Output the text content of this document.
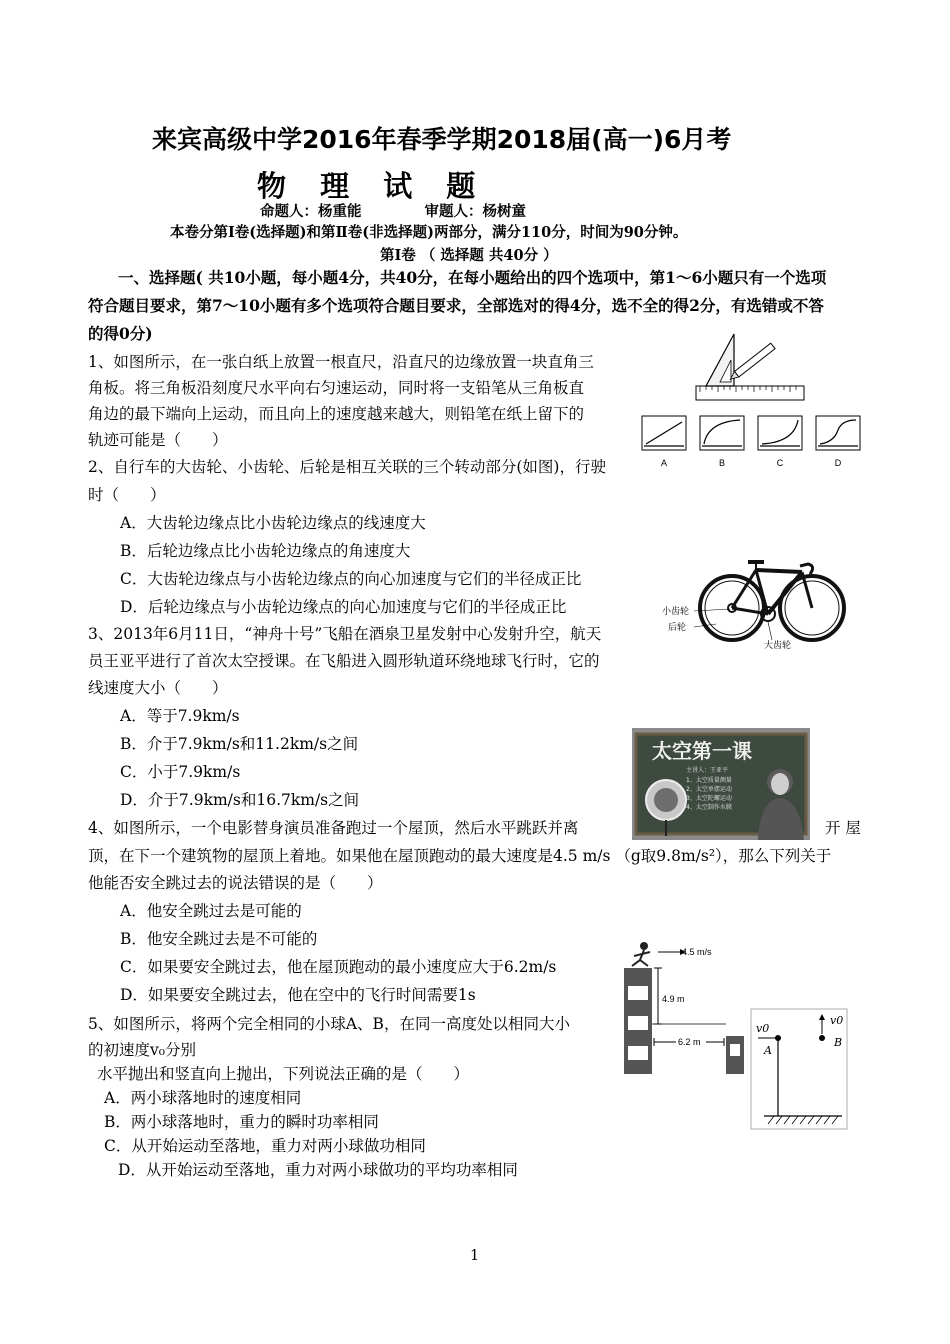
来宾高级中学2016年春季学期2018届(高一)6月考
物 理 试 题
命题人：杨重能 　　　　审题人：杨树童
本卷分第Ⅰ卷(选择题)和第Ⅱ卷(非选择题)两部分，满分110分，时间为90分钟。
第Ⅰ卷 （ 选择题 共40分 ）
一、选择题( 共10小题，每小题4分，共40分，在每小题给出的四个选项中，第1～6小题只有一个选项
符合题目要求，第7～10小题有多个选项符合题目要求，全部选对的得4分，选不全的得2分，有选错或不答
的得0分)
1、如图所示，在一张白纸上放置一根直尺，沿直尺的边缘放置一块直角三
角板。将三角板沿刻度尺水平向右匀速运动，同时将一支铅笔从三角板直
角边的最下端向上运动，而且向上的速度越来越大，则铅笔在纸上留下的
轨迹可能是（　　）
A	B	C	D
2、自行车的大齿轮、小齿轮、后轮是相互关联的三个转动部分(如图)，行驶
时（　　）
A．大齿轮边缘点比小齿轮边缘点的线速度大
B．后轮边缘点比小齿轮边缘点的角速度大
C．大齿轮边缘点与小齿轮边缘点的向心加速度与它们的半径成正比
D．后轮边缘点与小齿轮边缘点的向心加速度与它们的半径成正比	小齿轮
后轮
大齿轮
3、2013年6月11日，“神舟十号”飞船在酒泉卫星发射中心发射升空，航天
员王亚平进行了首次太空授课。在飞船进入圆形轨道环绕地球飞行时，它的
线速度大小（　　）
A．等于7.9km/s
B．介于7.9km/s和11.2km/s之间
C．小于7.9km/s
D．介于7.9km/s和16.7km/s之间
太空第一课
主讲人：王亚平
1、太空质量测量
2、太空单摆运动
3、太空陀螺运动
4、太空制作水膜
4、如图所示，一个电影替身演员准备跑过一个屋顶，然后水平跳跃并离	开 屋
顶，在下一个建筑物的屋顶上着地。如果他在屋顶跑动的最大速度是4.5 m/s （g取9.8m/s²），那么下列关于
他能否安全跳过去的说法错误的是（　　）
A．他安全跳过去是可能的
B．他安全跳过去是不可能的
C．如果要安全跳过去，他在屋顶跑动的最小速度应大于6.2m/s
D．如果要安全跳过去，他在空中的飞行时间需要1s
4.5 m/s
4.9 m
6.2 m
5、如图所示，将两个完全相同的小球A、B，在同一高度处以相同大小
的初速度v₀分别
水平抛出和竖直向上抛出，下列说法正确的是（　　）
A．两小球落地时的速度相同
B．两小球落地时，重力的瞬时功率相同
C．从开始运动至落地，重力对两小球做功相同
D．从开始运动至落地，重力对两小球做功的平均功率相同
v0
A
v0
B
1
